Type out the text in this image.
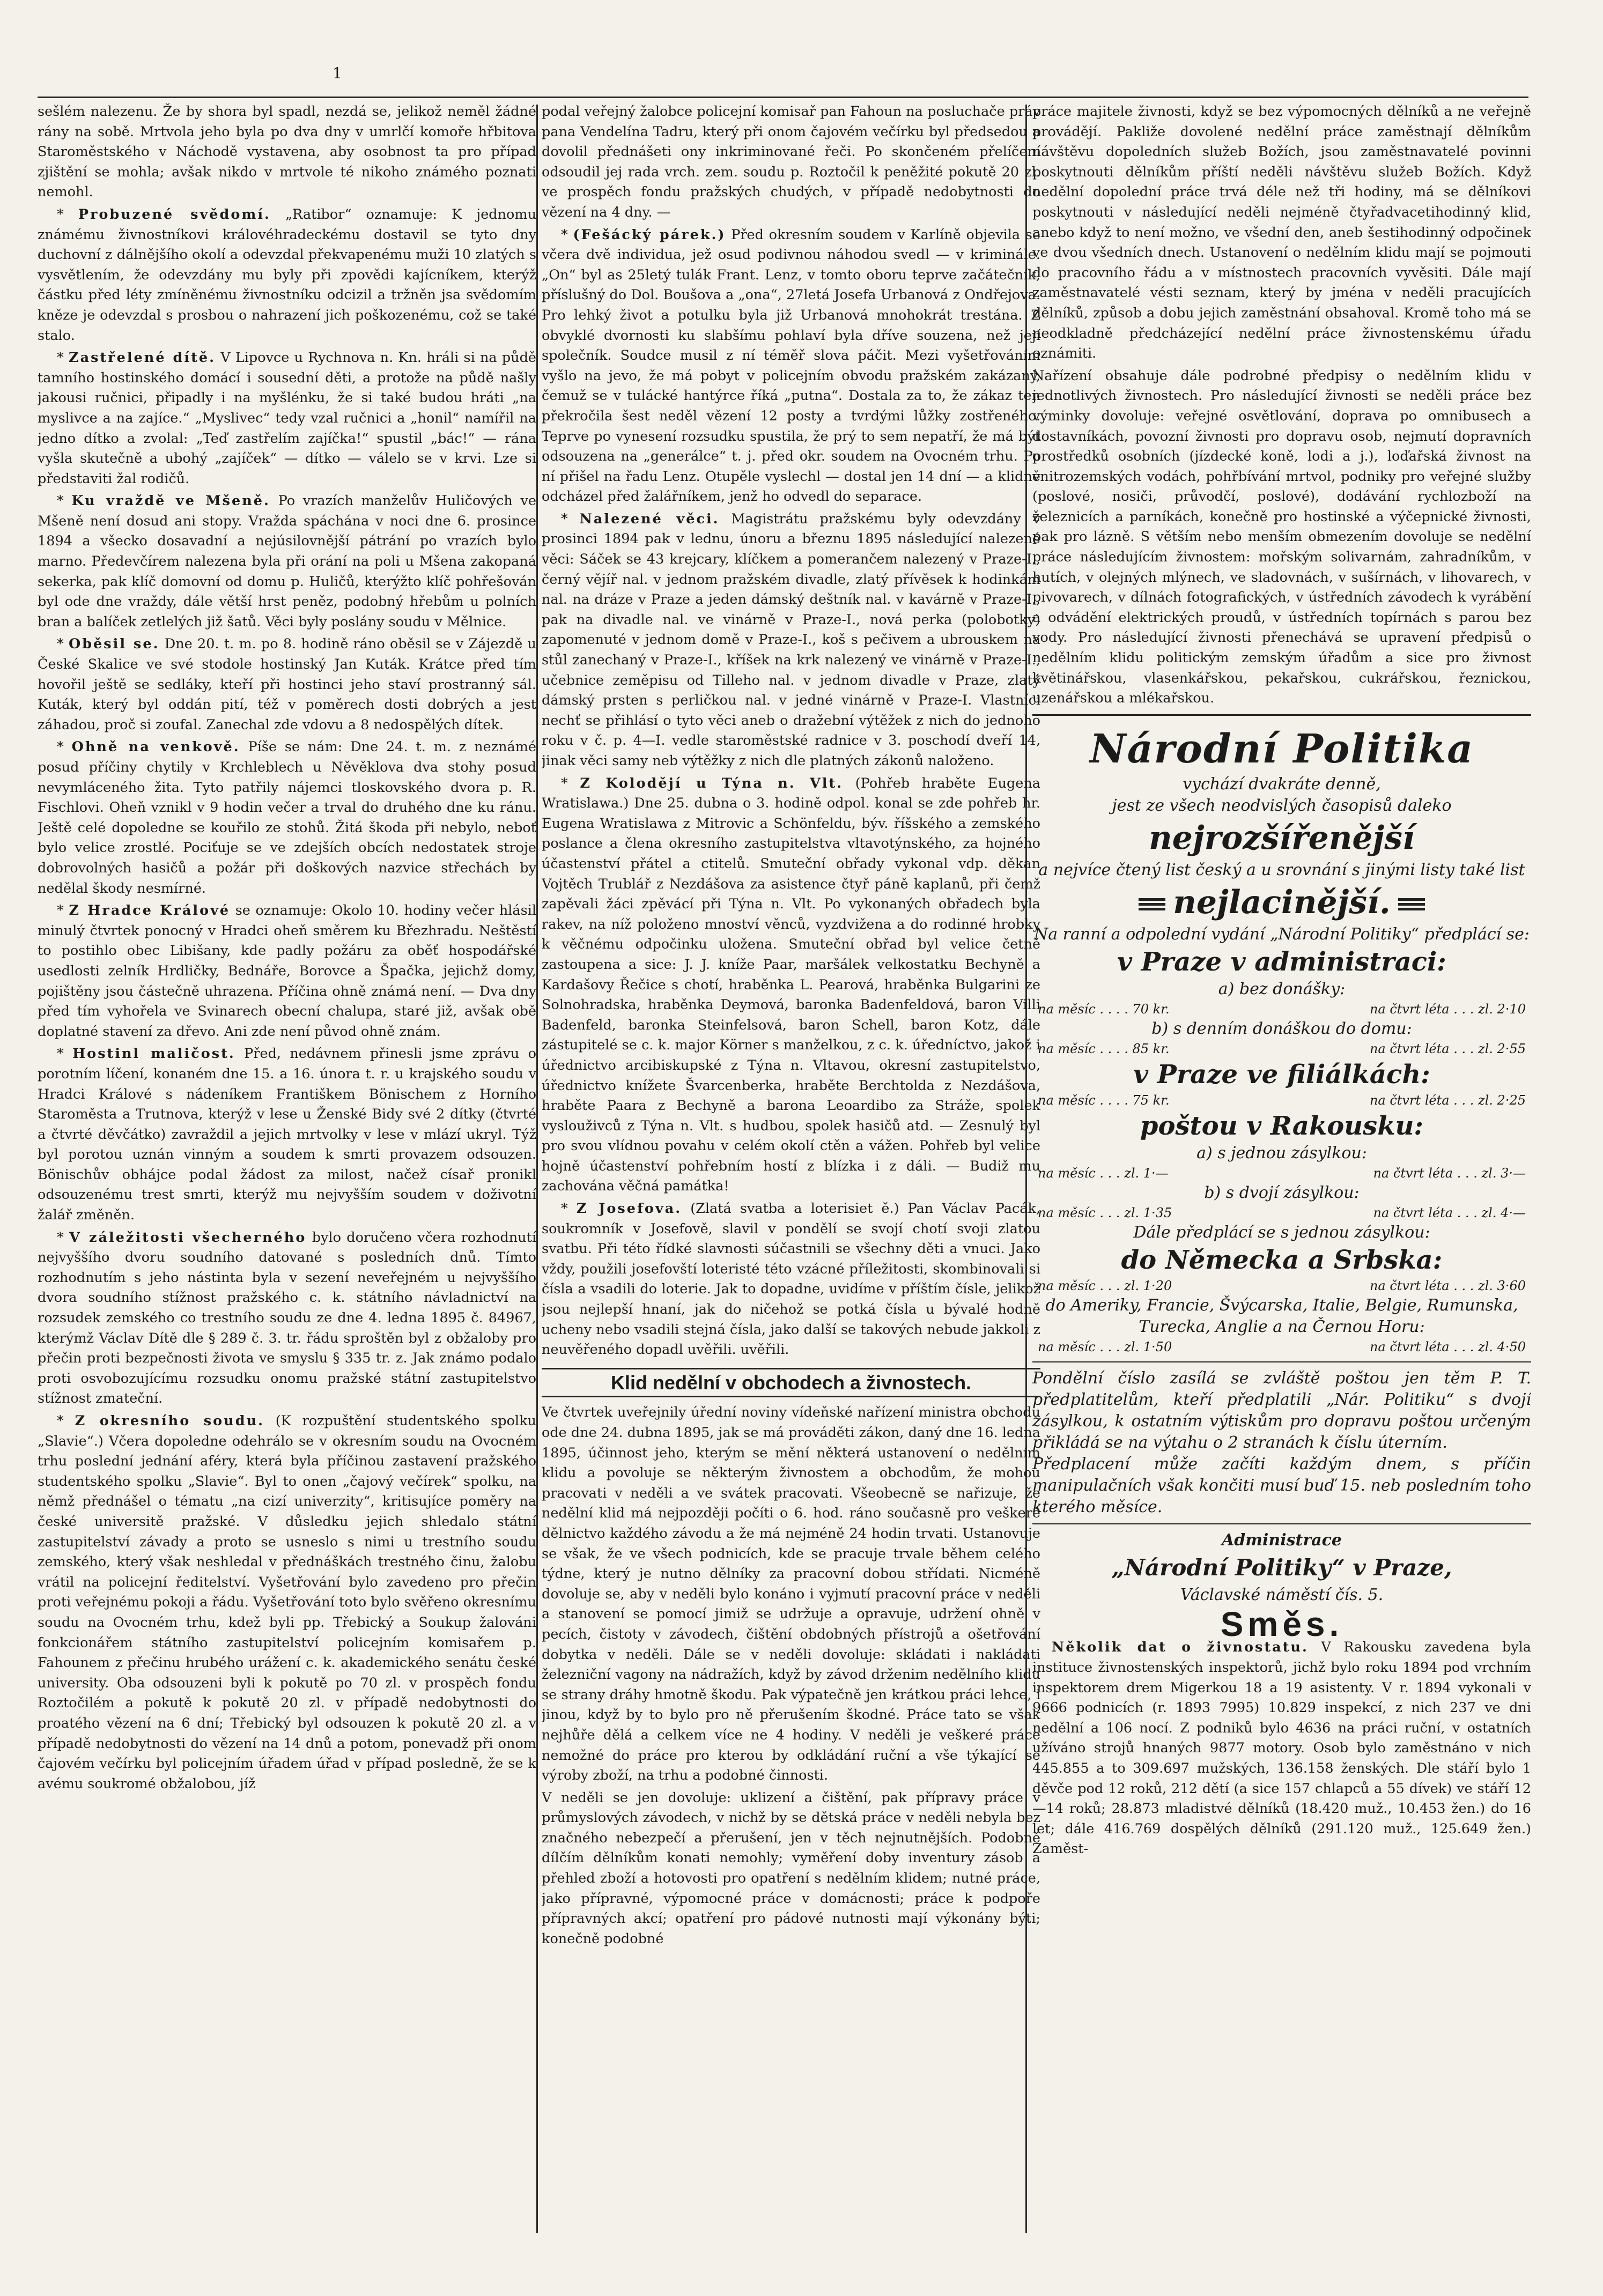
1

sešlém nalezenu. Že by shora byl spadl, nezdá se, jelikož neměl žádné rány na sobě. Mrtvola jeho byla po dva dny v umrlčí komoře hřbitova Staroměstského v Náchodě vystavena, aby osobnost ta pro případ zjištění se mohla; avšak nikdo v mrtvole té nikoho známého poznati nemohl.

* Probuzené svědomí. „Ratibor“ oznamuje: K jednomu známému živnostníkovi královéhradeckému dostavil se tyto dny duchovní z dálnějšího okolí a odevzdal překvapenému muži 10 zlatých s vysvětlením, že odevzdány mu byly při zpovědi kajícníkem, kterýž částku před léty zmíněnému živnostníku odcizil a tržněn jsa svědomím kněze je odevzdal s prosbou o nahrazení jich poškozenému, což se také stalo.

* Zastřelené dítě. V Lipovce u Rychnova n. Kn. hráli si na půdě tamního hostinského domácí i sousední děti, a protože na půdě našly jakousi ručnici, připadly i na myšlénku, že si také budou hráti „na myslivce a na zajíce.“ „Myslivec“ tedy vzal ručnici a „honil“ namířil na jedno dítko a zvolal: „Teď zastřelím zajíčka!“ spustil „bác!“ — rána vyšla skutečně a ubohý „zajíček“ — dítko — válelo se v krvi. Lze si představiti žal rodičů.

* Ku vraždě ve Mšeně. Po vrazích manželův Huličových ve Mšeně není dosud ani stopy. Vražda spáchána v noci dne 6. prosince 1894 a všecko dosavadní a nejúsilovnější pátrání po vrazích bylo marno. Předevčírem nalezena byla při orání na poli u Mšena zakopaná sekerka, pak klíč domovní od domu p. Huličů, kterýžto klíč pohřešován byl ode dne vraždy, dále větší hrst peněz, podobný hřebům u polních bran a balíček zetlelých již šatů. Věci byly poslány soudu v Mělnice.

* Oběsil se. Dne 20. t. m. po 8. hodině ráno oběsil se v Zájezdě u České Skalice ve své stodole hostinský Jan Kuták. Krátce před tím hovořil ještě se sedláky, kteří při hostinci jeho staví prostranný sál. Kuták, který byl oddán pití, též v poměrech dosti dobrých a jest záhadou, proč si zoufal. Zanechal zde vdovu a 8 nedospělých dítek.

* Ohně na venkově. Píše se nám: Dne 24. t. m. z neznámé posud příčiny chytily v Krchleblech u Něvěklova dva stohy posud nevymláceného žita. Tyto patřily nájemci tloskovského dvora p. R. Fischlovi. Oheň vznikl v 9 hodin večer a trval do druhého dne ku ránu. Ještě celé dopoledne se kouřilo ze stohů. Žitá škoda při nebylo, neboť bylo velice zrostlé. Pociťuje se ve zdejších obcích nedostatek stroje dobrovolných hasičů a požár při doškových nazvice střechách by nedělal škody nesmírné.

* Z Hradce Králové se oznamuje: Okolo 10. hodiny večer hlásil minulý čtvrtek ponocný v Hradci oheň směrem ku Březhradu. Neštěstí to postihlo obec Libišany, kde padly požáru za oběť hospodářské usedlosti zelník Hrdličky, Bednáře, Borovce a Špačka, jejichž domy, pojištěny jsou částečně uhrazena. Příčina ohně známá není. — Dva dny před tím vyhořela ve Svinarech obecní chalupa, staré již, avšak obě doplatné stavení za dřevo. Ani zde není původ ohně znám.

* Hostinl maličost. Před, nedávnem přinesli jsme zprávu o porotním líčení, konaném dne 15. a 16. února t. r. u krajského soudu v Hradci Králové s nádeníkem Františkem Bönischem z Horního Staroměsta a Trutnova, kterýž v lese u Ženské Bidy své 2 dítky (čtvrté a čtvrté děvčátko) zavraždil a jejich mrtvolky v lese v mlází ukryl. Týž byl porotou uznán vinným a soudem k smrti provazem odsouzen. Bönischův obhájce podal žádost za milost, načež císař pronikl odsouzenému trest smrti, kterýž mu nejvyšším soudem v doživotní žalář změněn.

* V záležitosti všecherného bylo doručeno včera rozhodnutí nejvyššího dvoru soudního datované s posledních dnů. Tímto rozhodnutím s jeho nástinta byla v sezení neveřejném u nejvyššího dvora soudního stížnost pražského c. k. státního návladnictví na rozsudek zemského co trestního soudu ze dne 4. ledna 1895 č. 84967, kterýmž Václav Dítě dle § 289 č. 3. tr. řádu sproštěn byl z obžaloby pro přečin proti bezpečnosti života ve smyslu § 335 tr. z. Jak známo podalo proti osvobozujícímu rozsudku onomu pražské státní zastupitelstvo stížnost zmateční.

* Z okresního soudu. (K rozpuštění studentského spolku „Slavie“.) Včera dopoledne odehrálo se v okresním soudu na Ovocném trhu poslední jednání aféry, která byla příčinou zastavení pražského studentského spolku „Slavie“. Byl to onen „čajový večírek“ spolku, na němž přednášel o tématu „na cizí univerzity“, kritisujíce poměry na české universitě pražské. V důsledku jejich shledalo státní zastupitelství závady a proto se usneslo s nimi u trestního soudu zemského, který však neshledal v přednáškách trestného činu, žalobu vrátil na policejní ředitelství. Vyšetřování bylo zavedeno pro přečin proti veřejnému pokoji a řádu. Vyšetřování toto bylo svěřeno okresnímu soudu na Ovocném trhu, kdež byli pp. Třebický a Soukup žalováni fonkcionářem státního zastupitelství policejním komisařem p. Fahounem z přečinu hrubého urážení c. k. akademického senátu české university. Oba odsouzeni byli k pokutě po 70 zl. v prospěch fondu Roztočilém a pokutě k pokutě 20 zl. v případě nedobytnosti do proatého vězení na 6 dní; Třebický byl odsouzen k pokutě 20 zl. a v případě nedobytnosti do vězení na 14 dnů a potom, ponevadž při onom čajovém večírku byl policejním úřadem úřad v případ posledně, že se k avému soukromé obžalobou, jíž

podal veřejný žalobce policejní komisař pan Fahoun na posluchače práv pana Vendelína Tadru, který při onom čajovém večírku byl předsedou a dovolil přednášeti ony inkriminované řeči. Po skončeném přelíčení odsoudil jej rada vrch. zem. soudu p. Roztočil k peněžité pokutě 20 zl. ve prospěch fondu pražských chudých, v případě nedobytnosti do vězení na 4 dny. —

* (Fešácký párek.) Před okresním soudem v Karlíně objevila se včera dvě individua, jež osud podivnou náhodou svedl — v kriminále. „On“ byl as 25letý tulák Frant. Lenz, v tomto oboru teprve začátečník, příslušný do Dol. Boušova a „ona“, 27letá Josefa Urbanová z Ondřejova. Pro lehký život a potulku byla již Urbanová mnohokrát trestána. Z obvyklé dvornosti ku slabšímu pohlaví byla dříve souzena, než její společník. Soudce musil z ní téměř slova páčit. Mezi vyšetřováním vyšlo na jevo, že má pobyt v policejním obvodu pražském zakázaný, čemuž se v tulácké hantýrce říká „putna“. Dostala za to, že zákaz ten překročila šest neděl vězení 12 posty a tvrdými lůžky zostřeného. Teprve po vynesení rozsudku spustila, že prý to sem nepatří, že má být odsouzena na „generálce“ t. j. před okr. soudem na Ovocném trhu. Po ní přišel na řadu Lenz. Otupěle vyslechl — dostal jen 14 dní — a klidně odcházel před žalářníkem, jenž ho odvedl do separace.

* Nalezené věci. Magistrátu pražskému byly odevzdány v prosinci 1894 pak v lednu, únoru a březnu 1895 následující nalezené věci: Sáček se 43 krejcary, klíčkem a pomerančem nalezený v Praze-I., černý vějíř nal. v jednom pražském divadle, zlatý přívěsek k hodinkám nal. na dráze v Praze a jeden dámský deštník nal. v kavárně v Praze-I., pak na divadle nal. ve vinárně v Praze-I., nová perka (polobotky) zapomenuté v jednom domě v Praze-I., koš s pečivem a ubrouskem na stůl zanechaný v Praze-I., kříšek na krk nalezený ve vinárně v Praze-I., učebnice zeměpisu od Tilleho nal. v jednom divadle v Praze, zlatý dámský prsten s perličkou nal. v jedné vinárně v Praze-I. Vlastníci nechť se přihlásí o tyto věci aneb o dražební výtěžek z nich do jednoho roku v č. p. 4—I. vedle staroměstské radnice v 3. poschodí dveří 14, jinak věci samy neb výtěžky z nich dle platných zákonů naloženo.

* Z Kolodějí u Týna n. Vlt. (Pohřeb hraběte Eugena Wratislawa.) Dne 25. dubna o 3. hodině odpol. konal se zde pohřeb hr. Eugena Wratislawa z Mitrovic a Schönfeldu, býv. říšského a zemského poslance a člena okresního zastupitelstva vltavotýnského, za hojného účastenství přátel a ctitelů. Smuteční obřady vykonal vdp. děkan Vojtěch Trublář z Nezdášova za asistence čtyř páně kaplanů, při čemž zapěvali žáci zpěvácí při Týna n. Vlt. Po vykonaných obřadech byla rakev, na níž položeno mnoství věnců, vyzdvižena a do rodinné hrobky k věčnému odpočinku uložena. Smuteční obřad byl velice četně zastoupena a sice: J. J. kníže Paar, maršálek velkostatku Bechyně a Kardašovy Řečice s chotí, hraběnka L. Pearová, hraběnka Bulgarini ze Solnohradska, hraběnka Deymová, baronka Badenfeldová, baron Villi Badenfeld, baronka Steinfelsová, baron Schell, baron Kotz, dále zástupitelé se c. k. major Körner s manželkou, z c. k. úředníctvo, jakož i úřednictvo arcibiskupské z Týna n. Vltavou, okresní zastupitelstvo, úřednictvo knížete Švarcenberka, hraběte Berchtolda z Nezdášova, hraběte Paara z Bechyně a barona Leoardibo za Stráže, spolek vyslouživců z Týna n. Vlt. s hudbou, spolek hasičů atd. — Zesnulý byl pro svou vlídnou povahu v celém okolí ctěn a vážen. Pohřeb byl velice hojně účastenství pohřebním hostí z blízka i z dáli. — Budiž mu zachována věčná památka!

* Z Josefova. (Zlatá svatba a loterisiet ě.) Pan Václav Pacák, soukromník v Josefově, slavil v pondělí se svojí chotí svoji zlatou svatbu. Při této řídké slavnosti súčastnili se všechny děti a vnuci. Jako vždy, použili josefovští loteristé této vzácné příležitosti, skombinovali si čísla a vsadili do loterie. Jak to dopadne, uvidíme v příštím čísle, jelikož jsou nejlepší hnaní, jak do ničehož se potká čísla u bývalé hodně ucheny nebo vsadili stejná čísla, jako další se takových nebude jakkoli z neuvěřeného dopadl uvěřili. uvěřili.

Klid nedělní v obchodech a živnostech.

Ve čtvrtek uveřejnily úřední noviny vídeňské nařízení ministra obchodu ode dne 24. dubna 1895, jak se má prováděti zákon, daný dne 16. ledna 1895, účinnost jeho, kterým se mění některá ustanovení o nedělním klidu a povoluje se některým živnostem a obchodům, že mohou pracovati v neděli a ve svátek pracovati. Všeobecně se nařizuje, že nedělní klid má nejpozději počíti o 6. hod. ráno současně pro veškeré dělnictvo každého závodu a že má nejméně 24 hodin trvati. Ustanovuje se však, že ve všech podnicích, kde se pracuje trvale během celého týdne, který je nutno dělníky za pracovní dobou střídati. Nicméně dovoluje se, aby v neděli bylo konáno i vyjmutí pracovní práce v neděli a stanovení se pomocí jimiž se udržuje a opravuje, udržení ohně v pecích, čistoty v závodech, čištění obdobných přístrojů a ošetřování dobytka v neděli. Dále se v neděli dovoluje: skládati i nakládati železniční vagony na nádražích, když by závod drženim nedělního klidu se strany dráhy hmotně škodu. Pak výpatečně jen krátkou práci lehce, i jinou, když by to bylo pro ně přerušením škodné. Práce tato se však nejhůře dělá a celkem více ne 4 hodiny. V neděli je veškeré práce nemožné do práce pro kterou by odkládání ruční a vše týkající se výroby zboží, na trhu a podobné činnosti.

V neděli se jen dovoluje: uklizení a čištění, pak přípravy práce v průmyslových závodech, v nichž by se dětská práce v neděli nebyla bez značného nebezpečí a přerušení, jen v těch nejnutnějších. Podobně dílčím dělníkům konati nemohly; vyměření doby inventury zásob a přehled zboží a hotovosti pro opatření s nedělním klidem; nutné práce, jako přípravné, výpomocné práce v domácnosti; práce k podpoře přípravných akcí; opatření pro pádové nutnosti mají výkonány býti; konečně podobné

práce majitele živnosti, když se bez výpomocných dělníků a ne veřejně provádějí. Pakliže dovolené nedělní práce zaměstnají dělníkům návštěvu dopoledních služeb Božích, jsou zaměstnavatelé povinni poskytnouti dělníkům příští neděli návštěvu služeb Božích. Když nedělní dopolední práce trvá déle než tři hodiny, má se dělníkovi poskytnouti v následující neděli nejméně čtyřadvacetihodinný klid, anebo když to není možno, ve všední den, aneb šestihodinný odpočinek ve dvou všedních dnech. Ustanovení o nedělním klidu mají se pojmouti do pracovního řádu a v místnostech pracovních vyvěsiti. Dále mají zaměstnavatelé vésti seznam, který by jména v neděli pracujících dělníků, způsob a dobu jejich zaměstnání obsahoval. Kromě toho má se neodkladně předcházející nedělní práce živnostenskému úřadu oznámiti.

Nařízení obsahuje dále podrobné předpisy o nedělním klidu v jednotlivých živnostech. Pro následující živnosti se neděli práce bez výminky dovoluje: veřejné osvětlování, doprava po omnibusech a dostavníkách, povozní živnosti pro dopravu osob, nejmutí dopravních prostředků osobních (jízdecké koně, lodi a j.), loďařská živnost na vnitrozemských vodách, pohřbívání mrtvol, podniky pro veřejné služby (poslové, nosiči, průvodčí, poslové), dodávání rychlozboží na železnicích a parníkách, konečně pro hostinské a výčepnické živnosti, pak pro lázně. S větším nebo menším obmezením dovoluje se nedělní práce následujícím živnostem: mořským solivarnám, zahradníkům, v hutích, v olejných mlýnech, ve sladovnách, v sušírnách, v lihovarech, v pivovarech, v dílnách fotografických, v ústředních závodech k vyrábění a odvádění elektrických proudů, v ústředních topírnách s parou bez vody. Pro následující živnosti přenechává se upravení předpisů o nedělním klidu politickým zemským úřadům a sice pro živnost květinářskou, vlasenkářskou, pekařskou, cukrářskou, řeznickou, uzenářskou a mlékařskou.

Národní Politika
vychází dvakráte denně,
jest ze všech neodvislých časopisů daleko
nejrozšířenější
a nejvíce čtený list český a u srovnání s jinými listy také list
nejlacinější.
Na ranní a odpolední vydání „Národní Politiky“ předplácí se:
v Praze v administraci:
a) bez donášky:
na měsíc . . . . 70 kr.	na čtvrt léta . . . zl. 2·10
b) s denním donáškou do domu:
na měsíc . . . . 85 kr.	na čtvrt léta . . . zl. 2·55
v Praze ve filiálkách:
na měsíc . . . . 75 kr.	na čtvrt léta . . . zl. 2·25
poštou v Rakousku:
a) s jednou zásylkou:
na měsíc . . . zl. 1·—	na čtvrt léta . . . zl. 3·—
b) s dvojí zásylkou:
na měsíc . . . zl. 1·35	na čtvrt léta . . . zl. 4·—
Dále předplácí se s jednou zásylkou:
do Německa a Srbska:
na měsíc . . . zl. 1·20	na čtvrt léta . . . zl. 3·60
do Ameriky, Francie, Švýcarska, Italie, Belgie, Rumunska, Turecka, Anglie a na Černou Horu:
na měsíc . . . zl. 1·50	na čtvrt léta . . . zl. 4·50
Pondělní číslo zasílá se zvláště poštou jen těm P. T. předplatitelům, kteří předplatili „Nár. Politiku“ s dvojí zásylkou, k ostatním výtiskům pro dopravu poštou určeným přikládá se na výtahu o 2 stranách k číslu úterním.
Předplacení může začíti každým dnem, s příčin manipulačních však končiti musí buď 15. neb posledním toho kterého měsíce.
Administrace
„Národní Politiky“ v Praze,
Václavské náměstí čís. 5.
Směs.

Několik dat o živnostatu. V Rakousku zavedena byla instituce živnostenských inspektorů, jichž bylo roku 1894 pod vrchním inspektorem drem Migerkou 18 a 19 asistenty. V r. 1894 vykonali v 9666 podnicích (r. 1893 7995) 10.829 inspekcí, z nich 237 ve dni nedělní a 106 nocí. Z podniků bylo 4636 na práci ruční, v ostatních užíváno strojů hnaných 9877 motory. Osob bylo zaměstnáno v nich 445.855 a to 309.697 mužských, 136.158 ženských. Dle stáří bylo 1 děvče pod 12 roků, 212 dětí (a sice 157 chlapců a 55 dívek) ve stáří 12—14 roků; 28.873 mladistvé dělníků (18.420 muž., 10.453 žen.) do 16 let; dále 416.769 dospělých dělníků (291.120 muž., 125.649 žen.) Zaměst-
